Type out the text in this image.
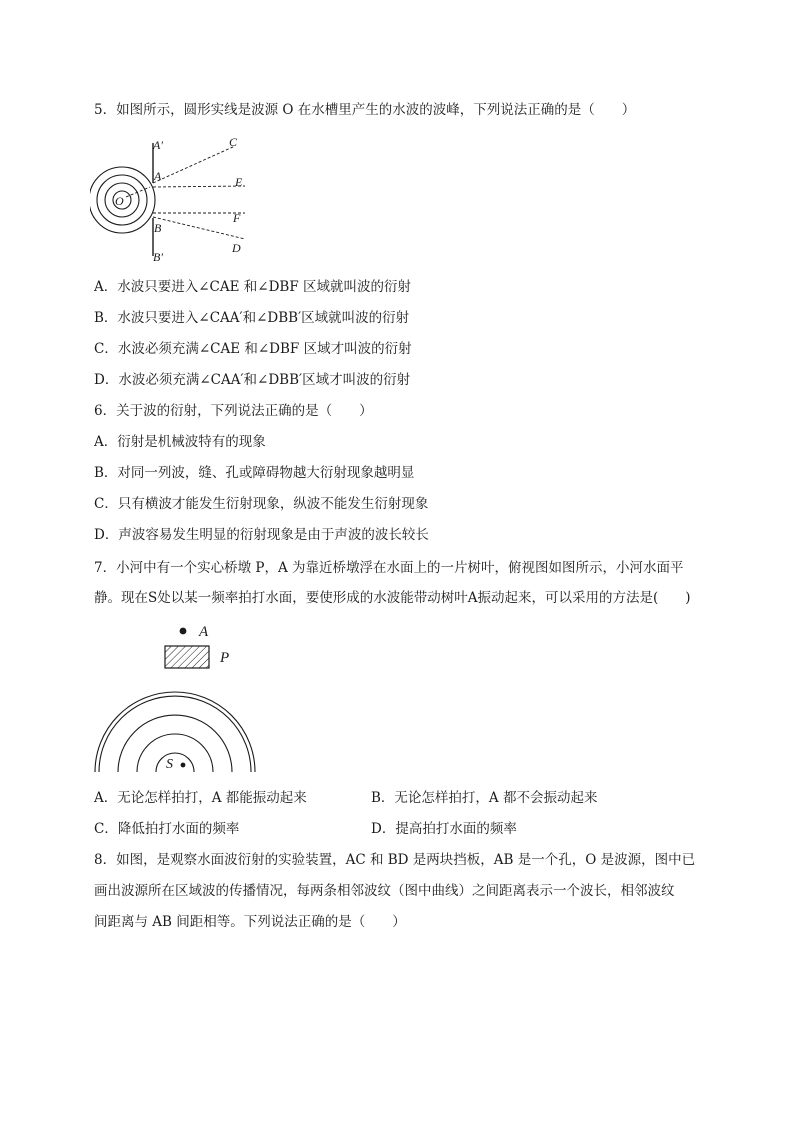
5．如图所示，圆形实线是波源 O 在水槽里产生的水波的波峰，下列说法正确的是（　　）
A′	C
A	E
O
F
B
D
B′
A．水波只要进入∠CAE 和∠DBF 区域就叫波的衍射
B．水波只要进入∠CAA′和∠DBB′区域就叫波的衍射
C．水波必须充满∠CAE 和∠DBF 区域才叫波的衍射
D．水波必须充满∠CAA′和∠DBB′区域才叫波的衍射
6．关于波的衍射，下列说法正确的是（　　）
A．衍射是机械波特有的现象
B．对同一列波，缝、孔或障碍物越大衍射现象越明显
C．只有横波才能发生衍射现象，纵波不能发生衍射现象
D．声波容易发生明显的衍射现象是由于声波的波长较长
7．小河中有一个实心桥墩 P，A 为靠近桥墩浮在水面上的一片树叶，俯视图如图所示，小河水面平
静。现在S处以某一频率拍打水面，要使形成的水波能带动树叶A振动起来，可以采用的方法是(　　)
A
P
S
A．无论怎样拍打，A 都能振动起来	B．无论怎样拍打，A 都不会振动起来
C．降低拍打水面的频率	D．提高拍打水面的频率
8．如图，是观察水面波衍射的实验装置，AC 和 BD 是两块挡板，AB 是一个孔，O 是波源，图中已
画出波源所在区域波的传播情况，每两条相邻波纹（图中曲线）之间距离表示一个波长，相邻波纹
间距离与 AB 间距相等。下列说法正确的是（　　）
